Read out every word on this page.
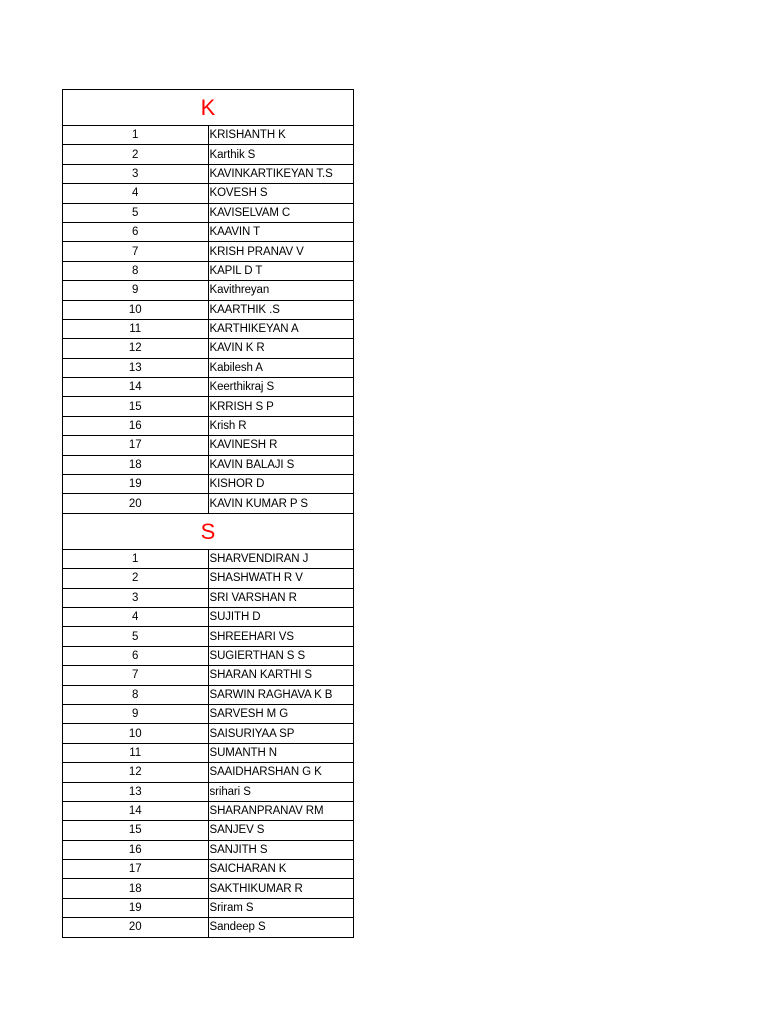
K	
1	KRISHANTH K
2	Karthik S
3	KAVINKARTIKEYAN T.S
4	KOVESH S
5	KAVISELVAM C
6	KAAVIN T
7	KRISH PRANAV V
8	KAPIL D T
9	Kavithreyan
10	KAARTHIK .S
11	KARTHIKEYAN A
12	KAVIN K R
13	Kabilesh A
14	Keerthikraj S
15	KRRISH S P
16	Krish R
17	KAVINESH R
18	KAVIN BALAJI S
19	KISHOR D
20	KAVIN KUMAR P S
S	
1	SHARVENDIRAN J
2	SHASHWATH R V
3	SRI VARSHAN R
4	SUJITH D
5	SHREEHARI VS
6	SUGIERTHAN S S
7	SHARAN KARTHI S
8	SARWIN RAGHAVA K B
9	SARVESH M G
10	SAISURIYAA SP
11	SUMANTH N
12	SAAIDHARSHAN G K
13	srihari S
14	SHARANPRANAV RM
15	SANJEV S
16	SANJITH S
17	SAICHARAN K
18	SAKTHIKUMAR R
19	Sriram S
20	Sandeep S
